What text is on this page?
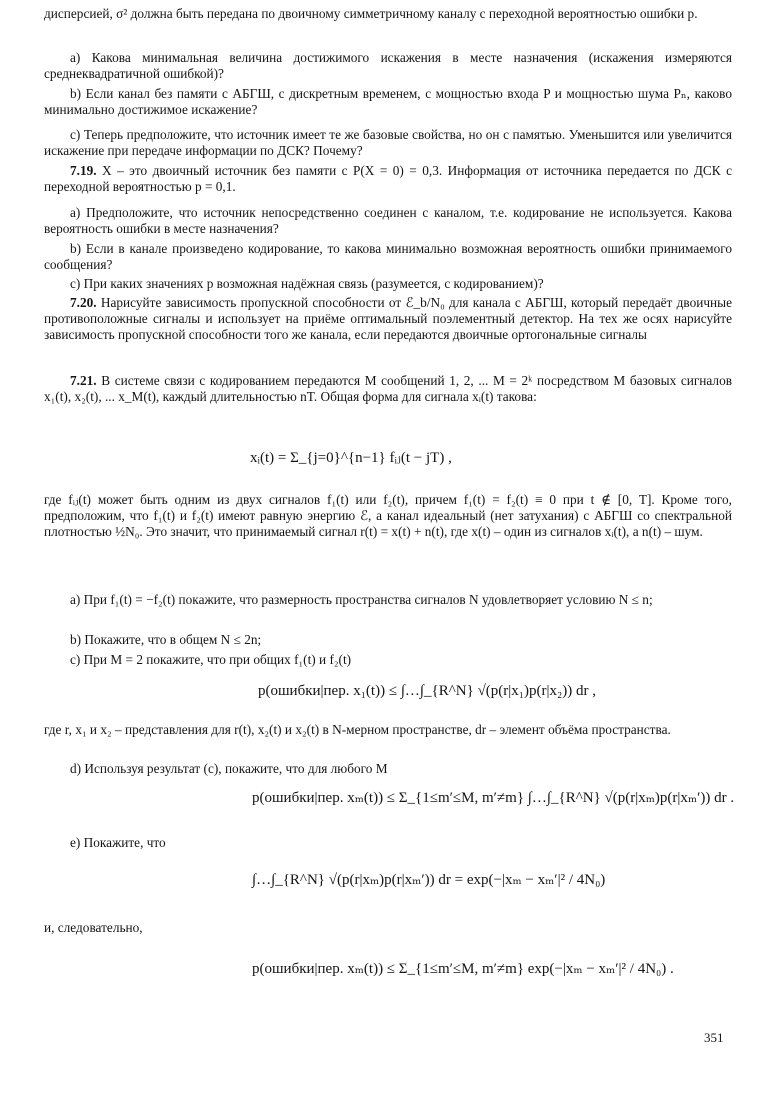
дисперсией, σ² должна быть передана по двоичному симметричному каналу с переходной вероятностью ошибки p.
a) Какова минимальная величина достижимого искажения в месте назначения (искажения измеряются среднеквадратичной ошибкой)?
b) Если канал без памяти с АБГШ, с дискретным временем, с мощностью входа P и мощностью шума Pₙ, каково минимально достижимое искажение?
c) Теперь предположите, что источник имеет те же базовые свойства, но он с памятью. Уменьшится или увеличится искажение при передаче информации по ДСК? Почему?
7.19. X – это двоичный источник без памяти с P(X = 0) = 0,3. Информация от источника передается по ДСК с переходной вероятностью p = 0,1.
a) Предположите, что источник непосредственно соединен с каналом, т.е. кодирование не используется. Какова вероятность ошибки в месте назначения?
b) Если в канале произведено кодирование, то какова минимально возможная вероятность ошибки принимаемого сообщения?
c) При каких значениях p возможная надёжная связь (разумеется, с кодированием)?
7.20. Нарисуйте зависимость пропускной способности от ℰ_b/N₀ для канала с АБГШ, который передаёт двоичные противоположные сигналы и использует на приёме оптимальный поэлементный детектор. На тех же осях нарисуйте зависимость пропускной способности того же канала, если передаются двоичные ортогональные сигналы
7.21. В системе связи с кодированием передаются M сообщений 1, 2, ... M = 2ᵏ посредством M базовых сигналов x₁(t), x₂(t), ... x_M(t), каждый длительностью nT. Общая форма для сигнала xᵢ(t) такова:
xᵢ(t) = Σ_{j=0}^{n−1} fᵢⱼ(t − jT) ,
где fᵢⱼ(t) может быть одним из двух сигналов f₁(t) или f₂(t), причем f₁(t) = f₂(t) ≡ 0 при t ∉ [0, T]. Кроме того, предположим, что f₁(t) и f₂(t) имеют равную энергию ℰ, а канал идеальный (нет затухания) с АБГШ со спектральной плотностью ½N₀. Это значит, что принимаемый сигнал r(t) = x(t) + n(t), где x(t) – один из сигналов xᵢ(t), а n(t) – шум.
a) При f₁(t) = −f₂(t) покажите, что размерность пространства сигналов N удовлетворяет условию N ≤ n;
b) Покажите, что в общем N ≤ 2n;
c) При M = 2 покажите, что при общих f₁(t) и f₂(t)
p(ошибки|пер. x₁(t)) ≤ ∫…∫_{R^N} √(p(r|x₁)p(r|x₂)) dr ,
где r, x₁ и x₂ – представления для r(t), x₂(t) и x₂(t) в N-мерном пространстве, dr – элемент объёма пространства.
d) Используя результат (c), покажите, что для любого M
p(ошибки|пер. xₘ(t)) ≤ Σ_{1≤m′≤M, m′≠m} ∫…∫_{R^N} √(p(r|xₘ)p(r|xₘ′)) dr .
e) Покажите, что
∫…∫_{R^N} √(p(r|xₘ)p(r|xₘ′)) dr = exp(−|xₘ − xₘ′|² / 4N₀)
и, следовательно,
p(ошибки|пер. xₘ(t)) ≤ Σ_{1≤m′≤M, m′≠m} exp(−|xₘ − xₘ′|² / 4N₀) .
351
